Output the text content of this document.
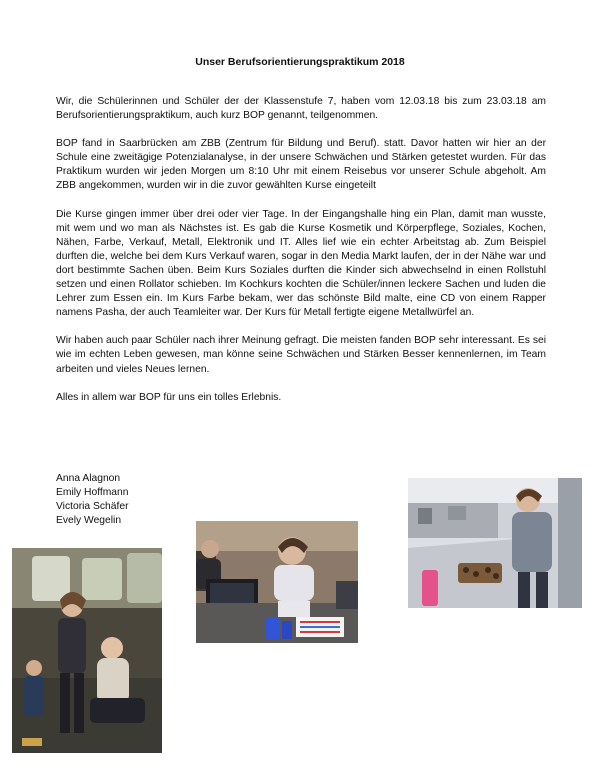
Unser Berufsorientierungspraktikum 2018

Wir, die Schülerinnen und Schüler der der Klassenstufe 7, haben vom 12.03.18 bis zum 23.03.18 am Berufsorientierungspraktikum, auch kurz BOP genannt, teilgenommen.

BOP fand in Saarbrücken am ZBB (Zentrum für Bildung und Beruf). statt. Davor hatten wir hier an der Schule eine zweitägige Potenzialanalyse, in der unsere Schwächen und Stärken getestet wurden. Für das Praktikum wurden wir jeden Morgen um 8:10 Uhr mit einem Reisebus vor unserer Schule abgeholt. Am ZBB angekommen, wurden wir in die zuvor gewählten Kurse eingeteilt

Die Kurse gingen immer über drei oder vier Tage. In der Eingangshalle hing ein Plan, damit man wusste, mit wem und wo man als Nächstes ist. Es gab die Kurse Kosmetik und Körperpflege, Soziales, Kochen, Nähen, Farbe, Verkauf, Metall, Elektronik und IT. Alles lief wie ein echter Arbeitstag ab. Zum Beispiel durften die, welche bei dem Kurs Verkauf waren, sogar in den Media Markt laufen, der in der Nähe war und dort bestimmte Sachen üben. Beim Kurs Soziales durften die Kinder sich abwechselnd in einen Rollstuhl setzen und einen Rollator schieben. Im Kochkurs kochten die Schüler/innen leckere Sachen und luden die Lehrer zum Essen ein. Im Kurs Farbe bekam, wer das schönste Bild malte, eine CD von einem Rapper namens Pasha, der auch Teamleiter war. Der Kurs für Metall fertigte eigene Metallwürfel an.

Wir haben auch paar Schüler nach ihrer Meinung gefragt. Die meisten fanden BOP sehr interessant. Es sei wie im echten Leben gewesen, man könne seine Schwächen und Stärken Besser kennenlernen, im Team arbeiten und vieles Neues lernen.

Alles in allem war BOP für uns ein tolles Erlebnis.

Anna Alagnon
Emily Hoffmann
Victoria Schäfer
Evely Wegelin
